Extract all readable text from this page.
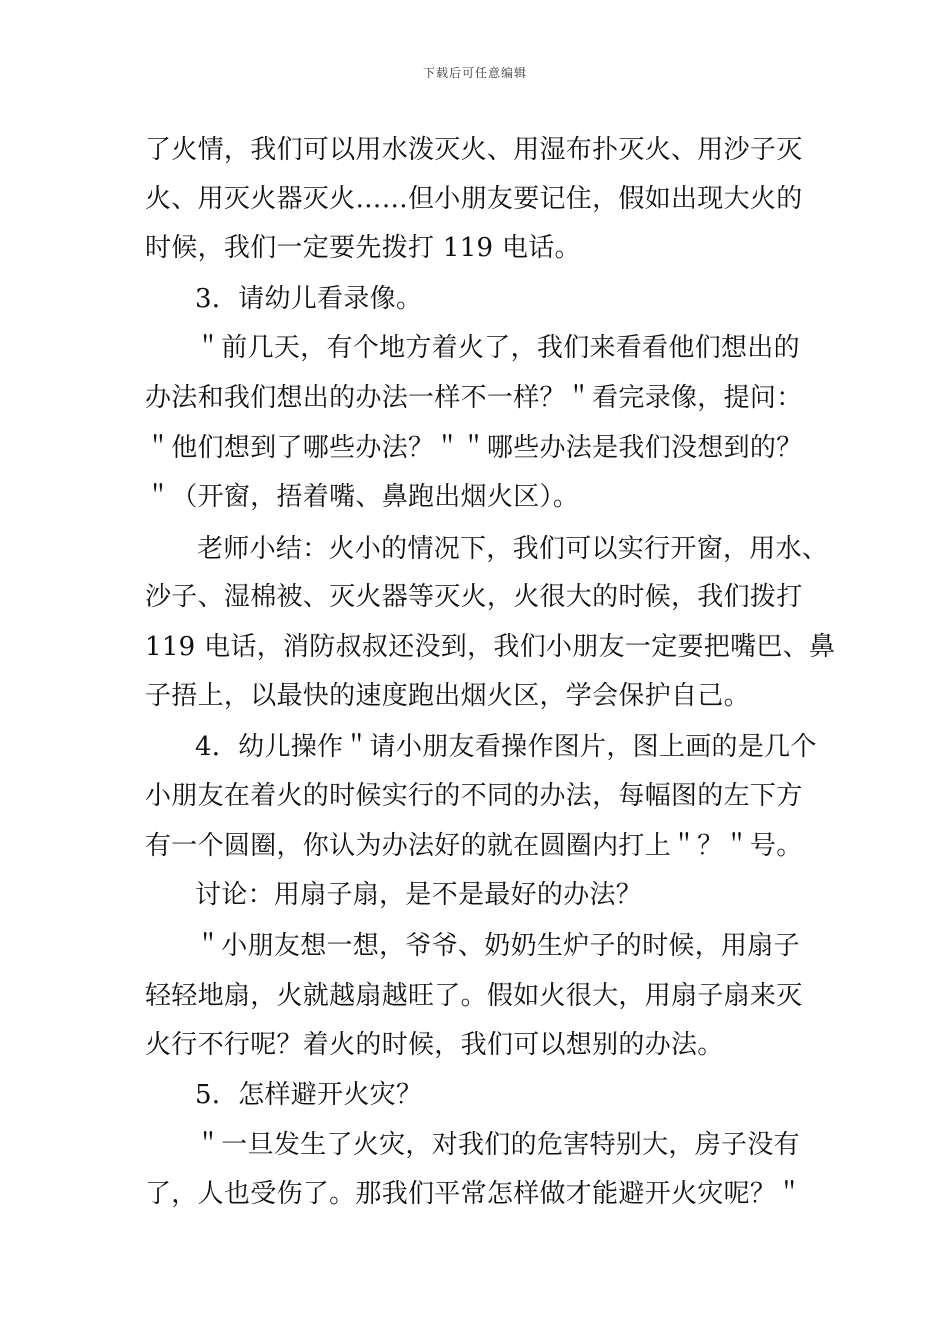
下载后可任意编辑
了火情，我们可以用水泼灭火、用湿布扑灭火、用沙子灭
火、用灭火器灭火……但小朋友要记住，假如出现大火的
时候，我们一定要先拨打 119 电话。
3．请幼儿看录像。
＂前几天，有个地方着火了，我们来看看他们想出的
办法和我们想出的办法一样不一样？＂看完录像，提问：
＂他们想到了哪些办法？＂＂哪些办法是我们没想到的？
＂（开窗，捂着嘴、鼻跑出烟火区）。
老师小结：火小的情况下，我们可以实行开窗，用水、
沙子、湿棉被、灭火器等灭火，火很大的时候，我们拨打
119 电话，消防叔叔还没到，我们小朋友一定要把嘴巴、鼻
子捂上，以最快的速度跑出烟火区，学会保护自己。
4．幼儿操作＂请小朋友看操作图片，图上画的是几个
小朋友在着火的时候实行的不同的办法，每幅图的左下方
有一个圆圈，你认为办法好的就在圆圈内打上＂？＂号。
讨论：用扇子扇，是不是最好的办法？
＂小朋友想一想，爷爷、奶奶生炉子的时候，用扇子
轻轻地扇，火就越扇越旺了。假如火很大，用扇子扇来灭
火行不行呢？着火的时候，我们可以想别的办法。
5．怎样避开火灾？
＂一旦发生了火灾，对我们的危害特别大，房子没有
了，人也受伤了。那我们平常怎样做才能避开火灾呢？＂
